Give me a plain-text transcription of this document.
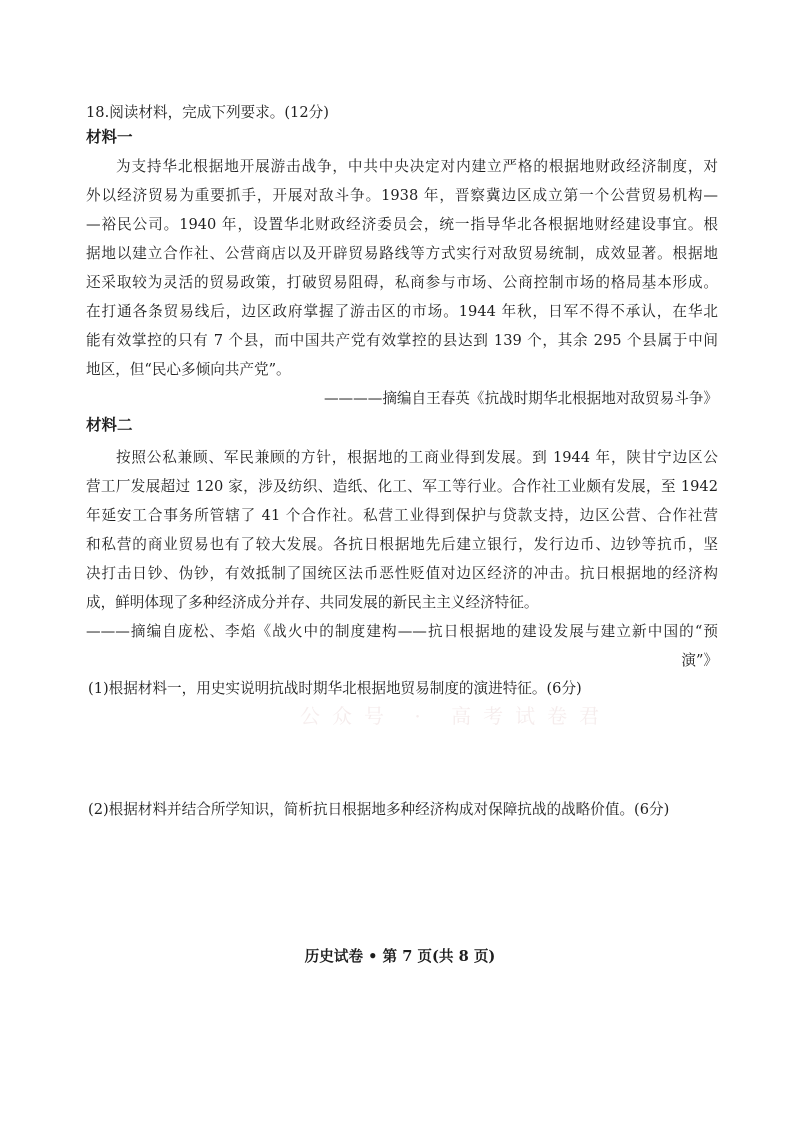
18.阅读材料，完成下列要求。(12分)
材料一
为支持华北根据地开展游击战争，中共中央决定对内建立严格的根据地财政经济制度，对
外以经济贸易为重要抓手，开展对敌斗争。1938 年，晋察冀边区成立第一个公营贸易机构—
—裕民公司。1940 年，设置华北财政经济委员会，统一指导华北各根据地财经建设事宜。根
据地以建立合作社、公营商店以及开辟贸易路线等方式实行对敌贸易统制，成效显著。根据地
还采取较为灵活的贸易政策，打破贸易阻碍，私商参与市场、公商控制市场的格局基本形成。
在打通各条贸易线后，边区政府掌握了游击区的市场。1944 年秋，日军不得不承认，在华北
能有效掌控的只有 7 个县，而中国共产党有效掌控的县达到 139 个，其余 295 个县属于中间
地区，但“民心多倾向共产党”。
————摘编自王春英《抗战时期华北根据地对敌贸易斗争》
材料二
按照公私兼顾、军民兼顾的方针，根据地的工商业得到发展。到 1944 年，陕甘宁边区公
营工厂发展超过 120 家，涉及纺织、造纸、化工、军工等行业。合作社工业颇有发展，至 1942
年延安工合事务所管辖了 41 个合作社。私营工业得到保护与贷款支持，边区公营、合作社营
和私营的商业贸易也有了较大发展。各抗日根据地先后建立银行，发行边币、边钞等抗币，坚
决打击日钞、伪钞，有效抵制了国统区法币恶性贬值对边区经济的冲击。抗日根据地的经济构
成，鲜明体现了多种经济成分并存、共同发展的新民主主义经济特征。
———摘编自庞松、李焰《战火中的制度建构——抗日根据地的建设发展与建立新中国的“预
演”》
公众号 · 高考试卷君
(1)根据材料一，用史实说明抗战时期华北根据地贸易制度的演进特征。(6分)
(2)根据材料并结合所学知识，简析抗日根据地多种经济构成对保障抗战的战略价值。(6分)
历史试卷 • 第 7 页(共 8 页)
